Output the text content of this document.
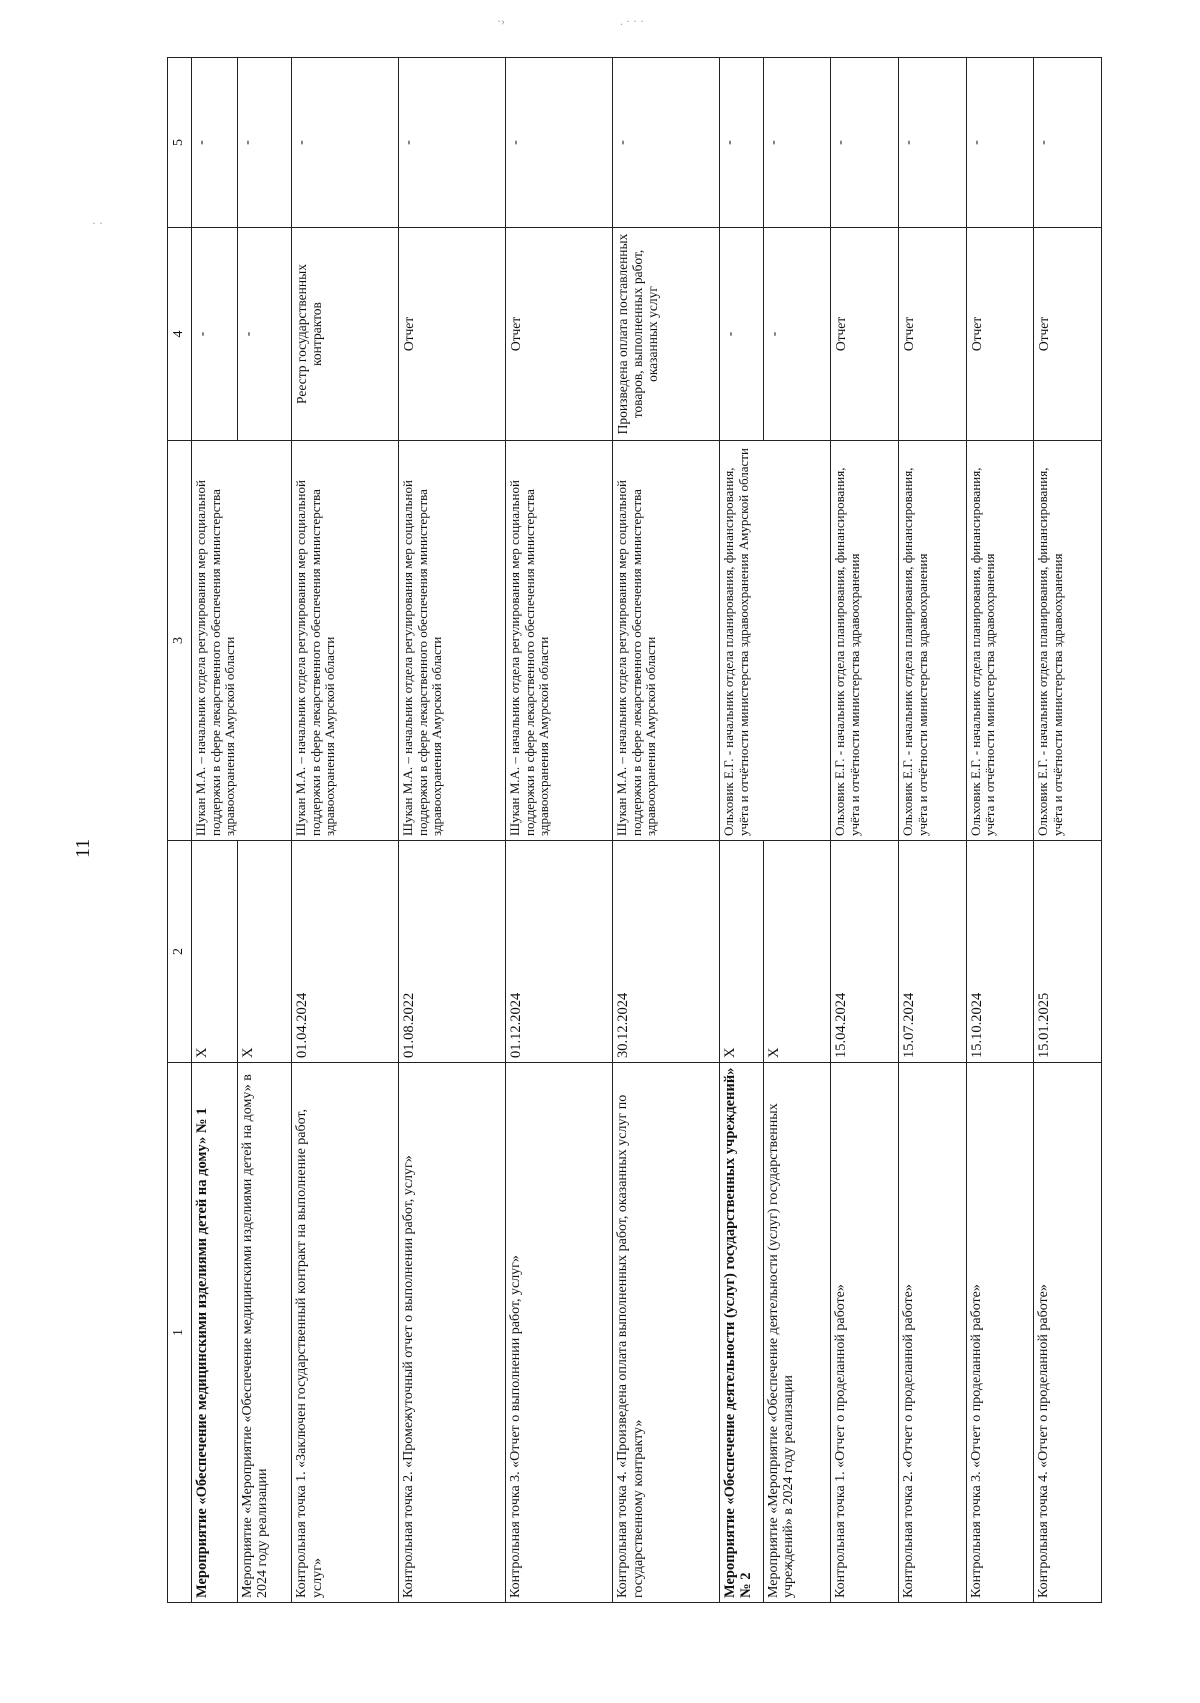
11
·›	. · · ·
· ·
1	2	3	4	5
Мероприятие «Обеспечение медицинскими изделиями детей на дому» № 1	Х	Шукан М.А. – начальник отдела регулирования мер социальной поддержки в сфере лекарственного обеспечения министерства здравоохранения Амурской области	-	-
Мероприятие «Мероприятие «Обеспечение медицинскими изделиями детей на дому» в 2024 году реализации	Х		-	-
Контрольная точка 1. «Заключен государственный контракт на выполнение работ, услуг»	01.04.2024	Шукан М.А. – начальник отдела регулирования мер социальной поддержки в сфере лекарственного обеспечения министерства здравоохранения Амурской области	Реестр государственных контрактов	-
Контрольная точка 2. «Промежуточный отчет о выполнении работ, услуг»	01.08.2022	Шукан М.А. – начальник отдела регулирования мер социальной поддержки в сфере лекарственного обеспечения министерства здравоохранения Амурской области	Отчет	-
Контрольная точка 3. «Отчет о выполнении работ, услуг»	01.12.2024	Шукан М.А. – начальник отдела регулирования мер социальной поддержки в сфере лекарственного обеспечения министерства здравоохранения Амурской области	Отчет	-
Контрольная точка 4. «Произведена оплата выполненных работ, оказанных услуг по государственному контракту»	30.12.2024	Шукан М.А. – начальник отдела регулирования мер социальной поддержки в сфере лекарственного обеспечения министерства здравоохранения Амурской области	Произведена оплата поставленных товаров, выполненных работ, оказанных услуг	-
Мероприятие «Обеспечение деятельности (услуг) государственных учреждений» № 2	Х	Ольховик Е.Г. - начальник отдела планирования, финансирования, учёта и отчётности министерства здравоохранения Амурской области	-	-
Мероприятие «Мероприятие «Обеспечение деятельности (услуг) государственных учреждений» в 2024 году реализации	Х		-	-
Контрольная точка 1. «Отчет о проделанной работе»	15.04.2024	Ольховик Е.Г. - начальник отдела планирования, финансирования, учёта и отчётности министерства здравоохранения	Отчет	-
Контрольная точка 2. «Отчет о проделанной работе»	15.07.2024	Ольховик Е.Г. - начальник отдела планирования, финансирования, учёта и отчётности министерства здравоохранения	Отчет	-
Контрольная точка 3. «Отчет о проделанной работе»	15.10.2024	Ольховик Е.Г. - начальник отдела планирования, финансирования, учёта и отчётности министерства здравоохранения	Отчет	-
Контрольная точка 4. «Отчет о проделанной работе»	15.01.2025	Ольховик Е.Г. - начальник отдела планирования, финансирования, учёта и отчётности министерства здравоохранения	Отчет	-
